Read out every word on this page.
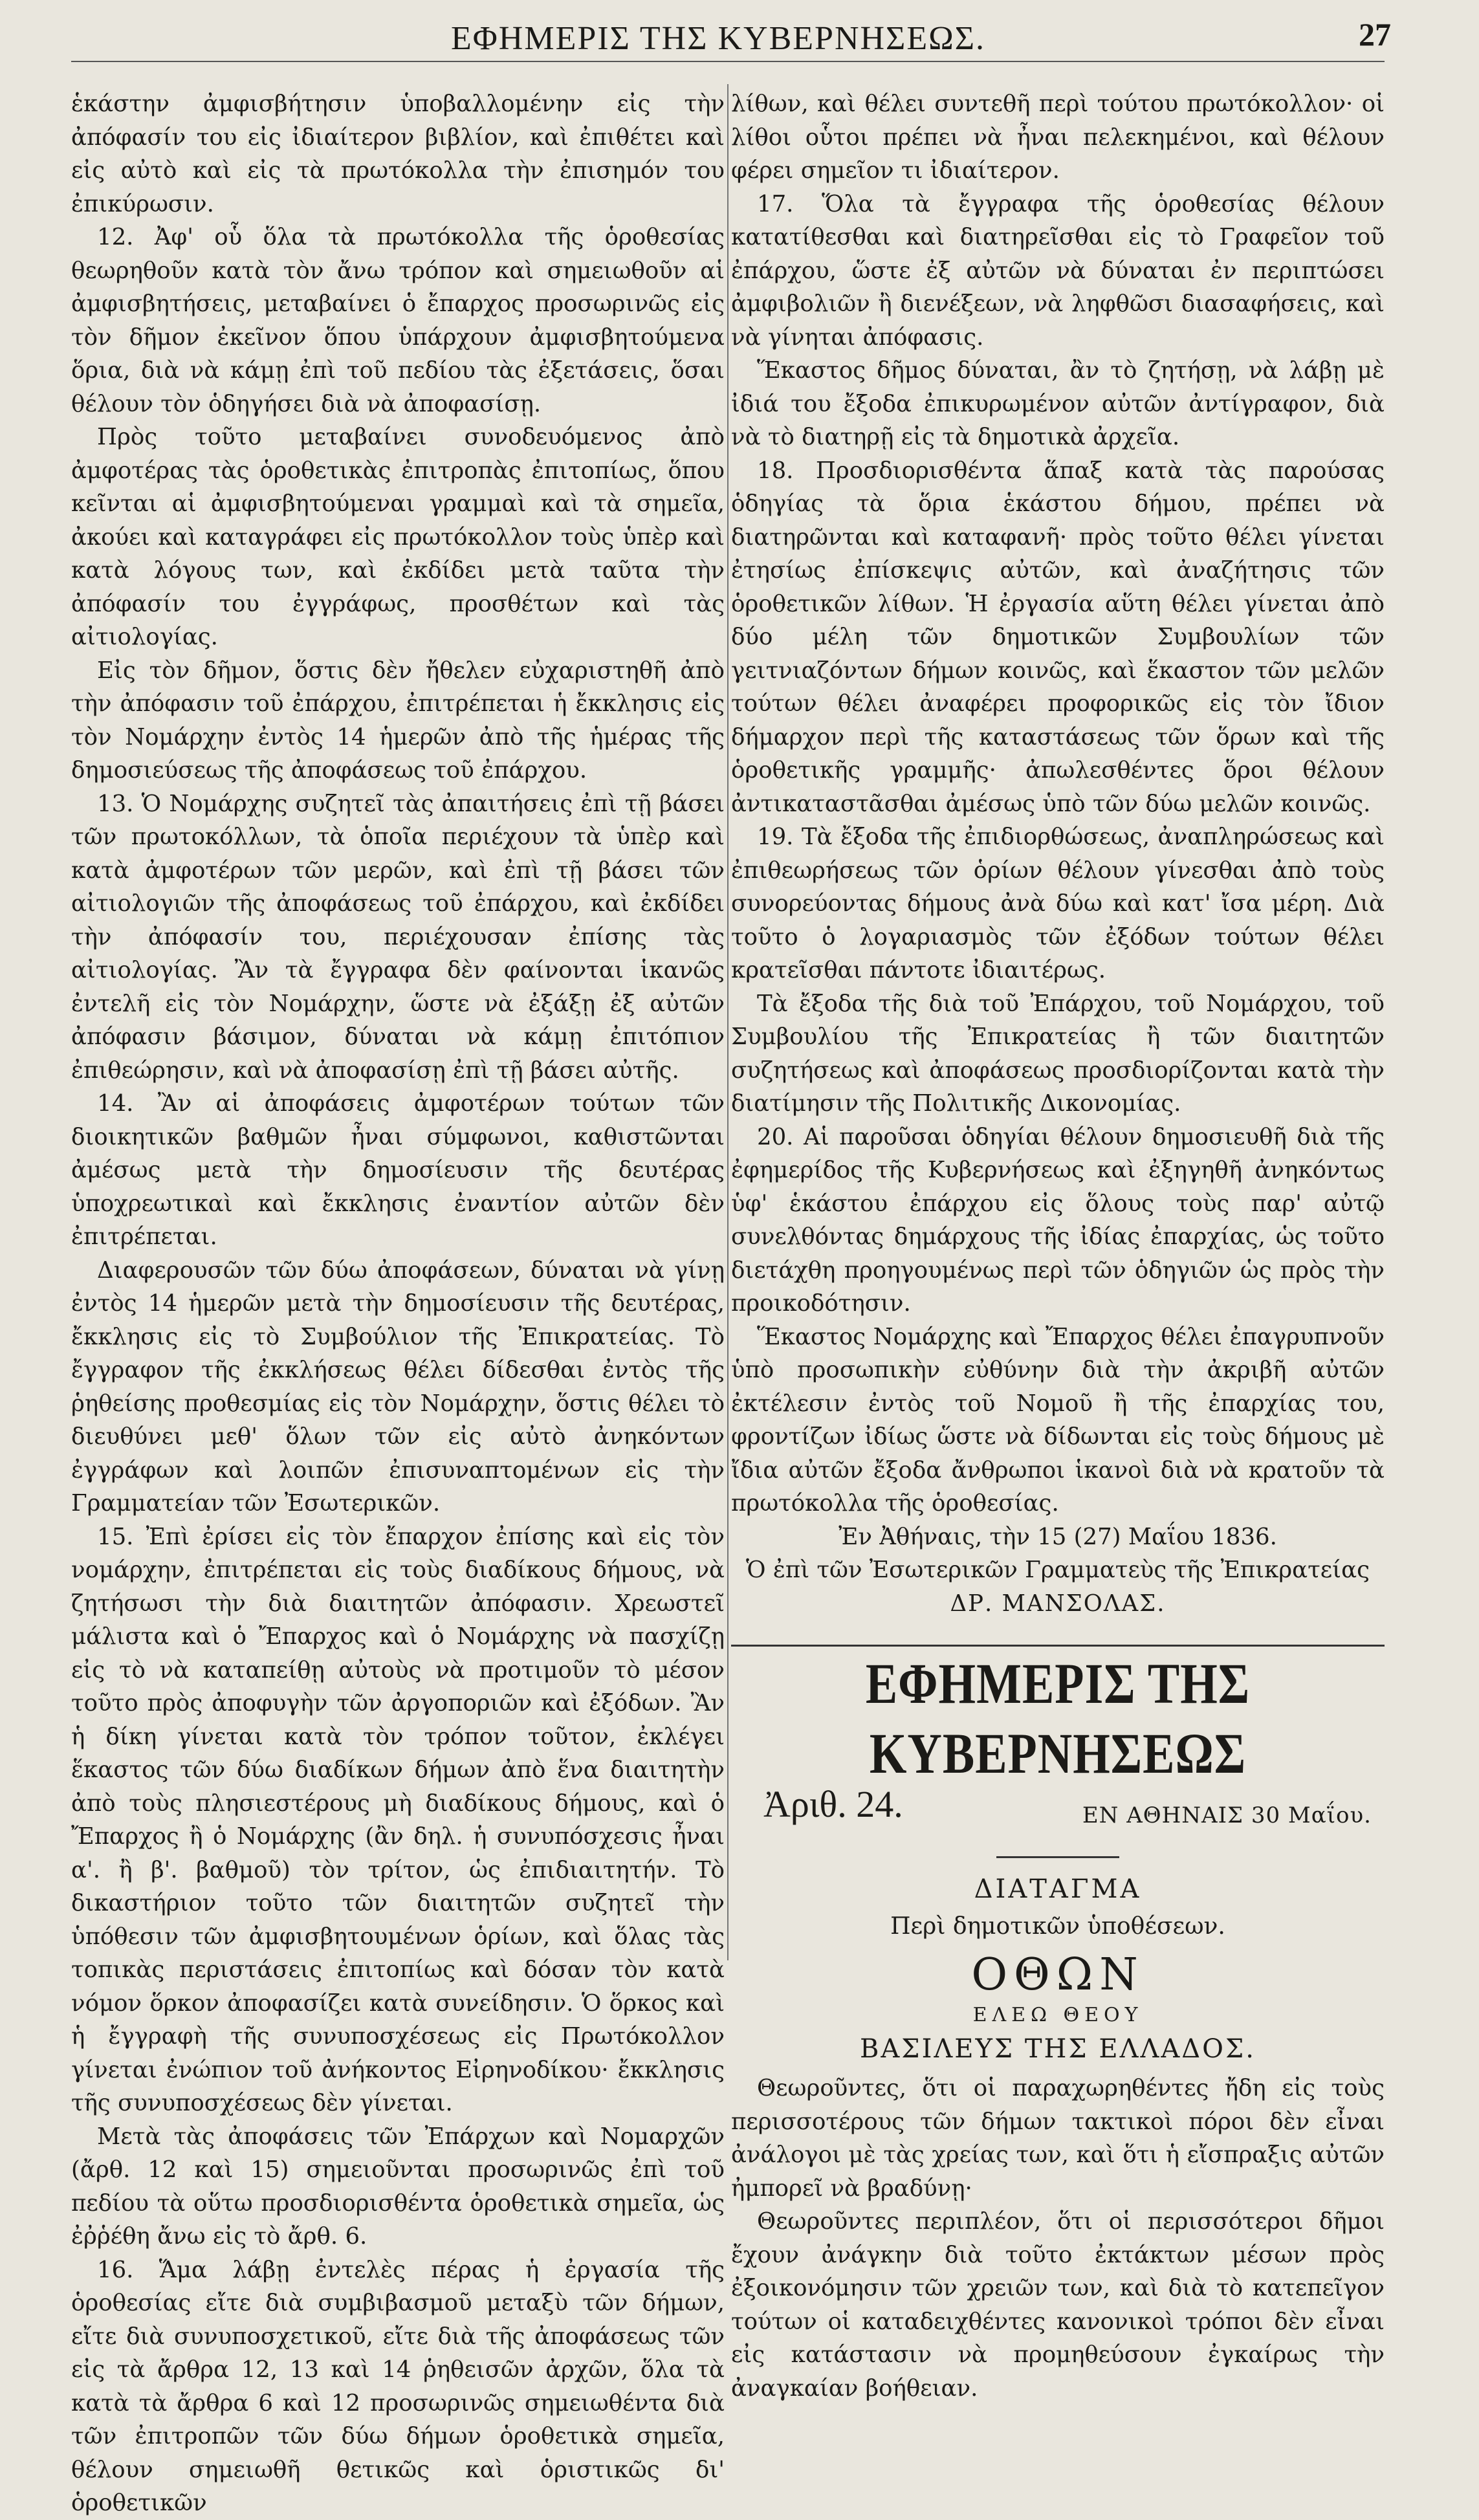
ΕΦΗΜΕΡΙΣ ΤΗΣ ΚΥΒΕΡΝΗΣΕΩΣ.	27

ἑκάστην ἀμφισβήτησιν ὑποβαλλομένην εἰς τὴν ἀπόφασίν του εἰς ἰδιαίτερον βιβλίον, καὶ ἐπιθέτει καὶ εἰς αὐτὸ καὶ εἰς τὰ πρωτόκολλα τὴν ἐπισημόν του ἐπικύρωσιν.

12. Ἀφ' οὗ ὅλα τὰ πρωτόκολλα τῆς ὁροθεσίας θεωρηθοῦν κατὰ τὸν ἄνω τρόπον καὶ σημειωθοῦν αἱ ἀμφισβητήσεις, μεταβαίνει ὁ ἔπαρχος προσωρινῶς εἰς τὸν δῆμον ἐκεῖνον ὅπου ὑπάρχουν ἀμφισβητούμενα ὅρια, διὰ νὰ κάμῃ ἐπὶ τοῦ πεδίου τὰς ἐξετάσεις, ὅσαι θέλουν τὸν ὁδηγήσει διὰ νὰ ἀποφασίσῃ.

Πρὸς τοῦτο μεταβαίνει συνοδευόμενος ἀπὸ ἀμφοτέρας τὰς ὁροθετικὰς ἐπιτροπὰς ἐπιτοπίως, ὅπου κεῖνται αἱ ἀμφισβητούμεναι γραμμαὶ καὶ τὰ σημεῖα, ἀκούει καὶ καταγράφει εἰς πρωτόκολλον τοὺς ὑπὲρ καὶ κατὰ λόγους των, καὶ ἐκδίδει μετὰ ταῦτα τὴν ἀπόφασίν του ἐγγράφως, προσθέτων καὶ τὰς αἰτιολογίας.

Εἰς τὸν δῆμον, ὅστις δὲν ἤθελεν εὐχαριστηθῆ ἀπὸ τὴν ἀπόφασιν τοῦ ἐπάρχου, ἐπιτρέπεται ἡ ἔκκλησις εἰς τὸν Νομάρχην ἐντὸς 14 ἡμερῶν ἀπὸ τῆς ἡμέρας τῆς δημοσιεύσεως τῆς ἀποφάσεως τοῦ ἐπάρχου.

13. Ὁ Νομάρχης συζητεῖ τὰς ἀπαιτήσεις ἐπὶ τῇ βάσει τῶν πρωτοκόλλων, τὰ ὁποῖα περιέχουν τὰ ὑπὲρ καὶ κατὰ ἀμφοτέρων τῶν μερῶν, καὶ ἐπὶ τῇ βάσει τῶν αἰτιολογιῶν τῆς ἀποφάσεως τοῦ ἐπάρχου, καὶ ἐκδίδει τὴν ἀπόφασίν του, περιέχουσαν ἐπίσης τὰς αἰτιολογίας. Ἂν τὰ ἔγγραφα δὲν φαίνονται ἱκανῶς ἐντελῆ εἰς τὸν Νομάρχην, ὥστε νὰ ἐξάξῃ ἐξ αὐτῶν ἀπόφασιν βάσιμον, δύναται νὰ κάμῃ ἐπιτόπιον ἐπιθεώρησιν, καὶ νὰ ἀποφασίσῃ ἐπὶ τῇ βάσει αὐτῆς.

14. Ἂν αἱ ἀποφάσεις ἀμφοτέρων τούτων τῶν διοικητικῶν βαθμῶν ἦναι σύμφωνοι, καθιστῶνται ἀμέσως μετὰ τὴν δημοσίευσιν τῆς δευτέρας ὑποχρεωτικαὶ καὶ ἔκκλησις ἐναντίον αὐτῶν δὲν ἐπιτρέπεται.

Διαφερουσῶν τῶν δύω ἀποφάσεων, δύναται νὰ γίνῃ ἐντὸς 14 ἡμερῶν μετὰ τὴν δημοσίευσιν τῆς δευτέρας, ἔκκλησις εἰς τὸ Συμβούλιον τῆς Ἐπικρατείας. Τὸ ἔγγραφον τῆς ἐκκλήσεως θέλει δίδεσθαι ἐντὸς τῆς ῥηθείσης προθεσμίας εἰς τὸν Νομάρχην, ὅστις θέλει τὸ διευθύνει μεθ' ὅλων τῶν εἰς αὐτὸ ἀνηκόντων ἐγγράφων καὶ λοιπῶν ἐπισυναπτομένων εἰς τὴν Γραμματείαν τῶν Ἐσωτερικῶν.

15. Ἐπὶ ἐρίσει εἰς τὸν ἔπαρχον ἐπίσης καὶ εἰς τὸν νομάρχην, ἐπιτρέπεται εἰς τοὺς διαδίκους δήμους, νὰ ζητήσωσι τὴν διὰ διαιτητῶν ἀπόφασιν. Χρεωστεῖ μάλιστα καὶ ὁ Ἔπαρχος καὶ ὁ Νομάρχης νὰ πασχίζῃ εἰς τὸ νὰ καταπείθῃ αὐτοὺς νὰ προτιμοῦν τὸ μέσον τοῦτο πρὸς ἀποφυγὴν τῶν ἀργοποριῶν καὶ ἐξόδων. Ἂν ἡ δίκη γίνεται κατὰ τὸν τρόπον τοῦτον, ἐκλέγει ἕκαστος τῶν δύω διαδίκων δήμων ἀπὸ ἕνα διαιτητὴν ἀπὸ τοὺς πλησιεστέρους μὴ διαδίκους δήμους, καὶ ὁ Ἔπαρχος ἢ ὁ Νομάρχης (ἂν δηλ. ἡ συνυπόσχεσις ἦναι α'. ἢ β'. βαθμοῦ) τὸν τρίτον, ὡς ἐπιδιαιτητήν. Τὸ δικαστήριον τοῦτο τῶν διαιτητῶν συζητεῖ τὴν ὑπόθεσιν τῶν ἀμφισβητουμένων ὁρίων, καὶ ὅλας τὰς τοπικὰς περιστάσεις ἐπιτοπίως καὶ δόσαν τὸν κατὰ νόμον ὅρκον ἀποφασίζει κατὰ συνείδησιν. Ὁ ὅρκος καὶ ἡ ἔγγραφὴ τῆς συνυποσχέσεως εἰς Πρωτόκολλον γίνεται ἐνώπιον τοῦ ἀνήκοντος Εἰρηνοδίκου· ἔκκλησις τῆς συνυποσχέσεως δὲν γίνεται.

Μετὰ τὰς ἀποφάσεις τῶν Ἐπάρχων καὶ Νομαρχῶν (ἄρθ. 12 καὶ 15) σημειοῦνται προσωρινῶς ἐπὶ τοῦ πεδίου τὰ οὕτω προσδιορισθέντα ὁροθετικὰ σημεῖα, ὡς ἐῤῥέθη ἄνω εἰς τὸ ἄρθ. 6.

16. Ἅμα λάβῃ ἐντελὲς πέρας ἡ ἐργασία τῆς ὁροθεσίας εἴτε διὰ συμβιβασμοῦ μεταξὺ τῶν δήμων, εἴτε διὰ συνυποσχετικοῦ, εἴτε διὰ τῆς ἀποφάσεως τῶν εἰς τὰ ἄρθρα 12, 13 καὶ 14 ῥηθεισῶν ἀρχῶν, ὅλα τὰ κατὰ τὰ ἄρθρα 6 καὶ 12 προσωρινῶς σημειωθέντα διὰ τῶν ἐπιτροπῶν τῶν δύω δήμων ὁροθετικὰ σημεῖα, θέλουν σημειωθῆ θετικῶς καὶ ὁριστικῶς δι' ὁροθετικῶν

λίθων, καὶ θέλει συντεθῆ περὶ τούτου πρωτόκολλον· οἱ λίθοι οὗτοι πρέπει νὰ ἦναι πελεκημένοι, καὶ θέλουν φέρει σημεῖον τι ἰδιαίτερον.

17. Ὅλα τὰ ἔγγραφα τῆς ὁροθεσίας θέλουν κατατίθεσθαι καὶ διατηρεῖσθαι εἰς τὸ Γραφεῖον τοῦ ἐπάρχου, ὥστε ἐξ αὐτῶν νὰ δύναται ἐν περιπτώσει ἀμφιβολιῶν ἢ διενέξεων, νὰ ληφθῶσι διασαφήσεις, καὶ νὰ γίνηται ἀπόφασις.

Ἕκαστος δῆμος δύναται, ἂν τὸ ζητήσῃ, νὰ λάβῃ μὲ ἰδιά του ἔξοδα ἐπικυρωμένον αὐτῶν ἀντίγραφον, διὰ νὰ τὸ διατηρῇ εἰς τὰ δημοτικὰ ἀρχεῖα.

18. Προσδιορισθέντα ἅπαξ κατὰ τὰς παρούσας ὁδηγίας τὰ ὅρια ἑκάστου δήμου, πρέπει νὰ διατηρῶνται καὶ καταφανῆ· πρὸς τοῦτο θέλει γίνεται ἐτησίως ἐπίσκεψις αὐτῶν, καὶ ἀναζήτησις τῶν ὁροθετικῶν λίθων. Ἡ ἐργασία αὕτη θέλει γίνεται ἀπὸ δύο μέλη τῶν δημοτικῶν Συμβουλίων τῶν γειτνιαζόντων δήμων κοινῶς, καὶ ἕκαστον τῶν μελῶν τούτων θέλει ἀναφέρει προφορικῶς εἰς τὸν ἴδιον δήμαρχον περὶ τῆς καταστάσεως τῶν ὅρων καὶ τῆς ὁροθετικῆς γραμμῆς· ἀπωλεσθέντες ὅροι θέλουν ἀντικαταστᾶσθαι ἀμέσως ὑπὸ τῶν δύω μελῶν κοινῶς.

19. Τὰ ἔξοδα τῆς ἐπιδιορθώσεως, ἀναπληρώσεως καὶ ἐπιθεωρήσεως τῶν ὁρίων θέλουν γίνεσθαι ἀπὸ τοὺς συνορεύοντας δήμους ἀνὰ δύω καὶ κατ' ἴσα μέρη. Διὰ τοῦτο ὁ λογαριασμὸς τῶν ἐξόδων τούτων θέλει κρατεῖσθαι πάντοτε ἰδιαιτέρως.

Τὰ ἔξοδα τῆς διὰ τοῦ Ἐπάρχου, τοῦ Νομάρχου, τοῦ Συμβουλίου τῆς Ἐπικρατείας ἢ τῶν διαιτητῶν συζητήσεως καὶ ἀποφάσεως προσδιορίζονται κατὰ τὴν διατίμησιν τῆς Πολιτικῆς Δικονομίας.

20. Αἱ παροῦσαι ὁδηγίαι θέλουν δημοσιευθῆ διὰ τῆς ἐφημερίδος τῆς Κυβερνήσεως καὶ ἐξηγηθῆ ἀνηκόντως ὑφ' ἑκάστου ἐπάρχου εἰς ὅλους τοὺς παρ' αὐτῷ συνελθόντας δημάρχους τῆς ἰδίας ἐπαρχίας, ὡς τοῦτο διετάχθη προηγουμένως περὶ τῶν ὁδηγιῶν ὡς πρὸς τὴν προικοδότησιν.

Ἕκαστος Νομάρχης καὶ Ἔπαρχος θέλει ἐπαγρυπνοῦν ὑπὸ προσωπικὴν εὐθύνην διὰ τὴν ἀκριβῆ αὐτῶν ἐκτέλεσιν ἐντὸς τοῦ Νομοῦ ἢ τῆς ἐπαρχίας του, φροντίζων ἰδίως ὥστε νὰ δίδωνται εἰς τοὺς δήμους μὲ ἴδια αὐτῶν ἔξοδα ἄνθρωποι ἱκανοὶ διὰ νὰ κρατοῦν τὰ πρωτόκολλα τῆς ὁροθεσίας.

Ἐν Ἀθήναις, τὴν 15 (27) Μαΐου 1836.

Ὁ ἐπὶ τῶν Ἐσωτερικῶν Γραμματεὺς τῆς Ἐπικρατείας

ΔΡ. ΜΑΝΣΟΛΑΣ.

ΕΦΗΜΕΡΙΣ ΤΗΣ ΚΥΒΕΡΝΗΣΕΩΣ
Ἀριθ. 24.	ΕΝ ΑΘΗΝΑΙΣ 30 Μαΐου.
ΔΙΑΤΑΓΜΑ
Περὶ δημοτικῶν ὑποθέσεων.
ΟΘΩΝ
ΕΛΕΩ ΘΕΟΥ
ΒΑΣΙΛΕΥΣ ΤΗΣ ΕΛΛΑΔΟΣ.

Θεωροῦντες, ὅτι οἱ παραχωρηθέντες ἤδη εἰς τοὺς περισσοτέρους τῶν δήμων τακτικοὶ πόροι δὲν εἶναι ἀνάλογοι μὲ τὰς χρείας των, καὶ ὅτι ἡ εἴσπραξις αὐτῶν ἠμπορεῖ νὰ βραδύνῃ·

Θεωροῦντες περιπλέον, ὅτι οἱ περισσότεροι δῆμοι ἔχουν ἀνάγκην διὰ τοῦτο ἐκτάκτων μέσων πρὸς ἐξοικονόμησιν τῶν χρειῶν των, καὶ διὰ τὸ κατεπεῖγον τούτων οἱ καταδειχθέντες κανονικοὶ τρόποι δὲν εἶναι εἰς κατάστασιν νὰ προμηθεύσουν ἐγκαίρως τὴν ἀναγκαίαν βοήθειαν.
